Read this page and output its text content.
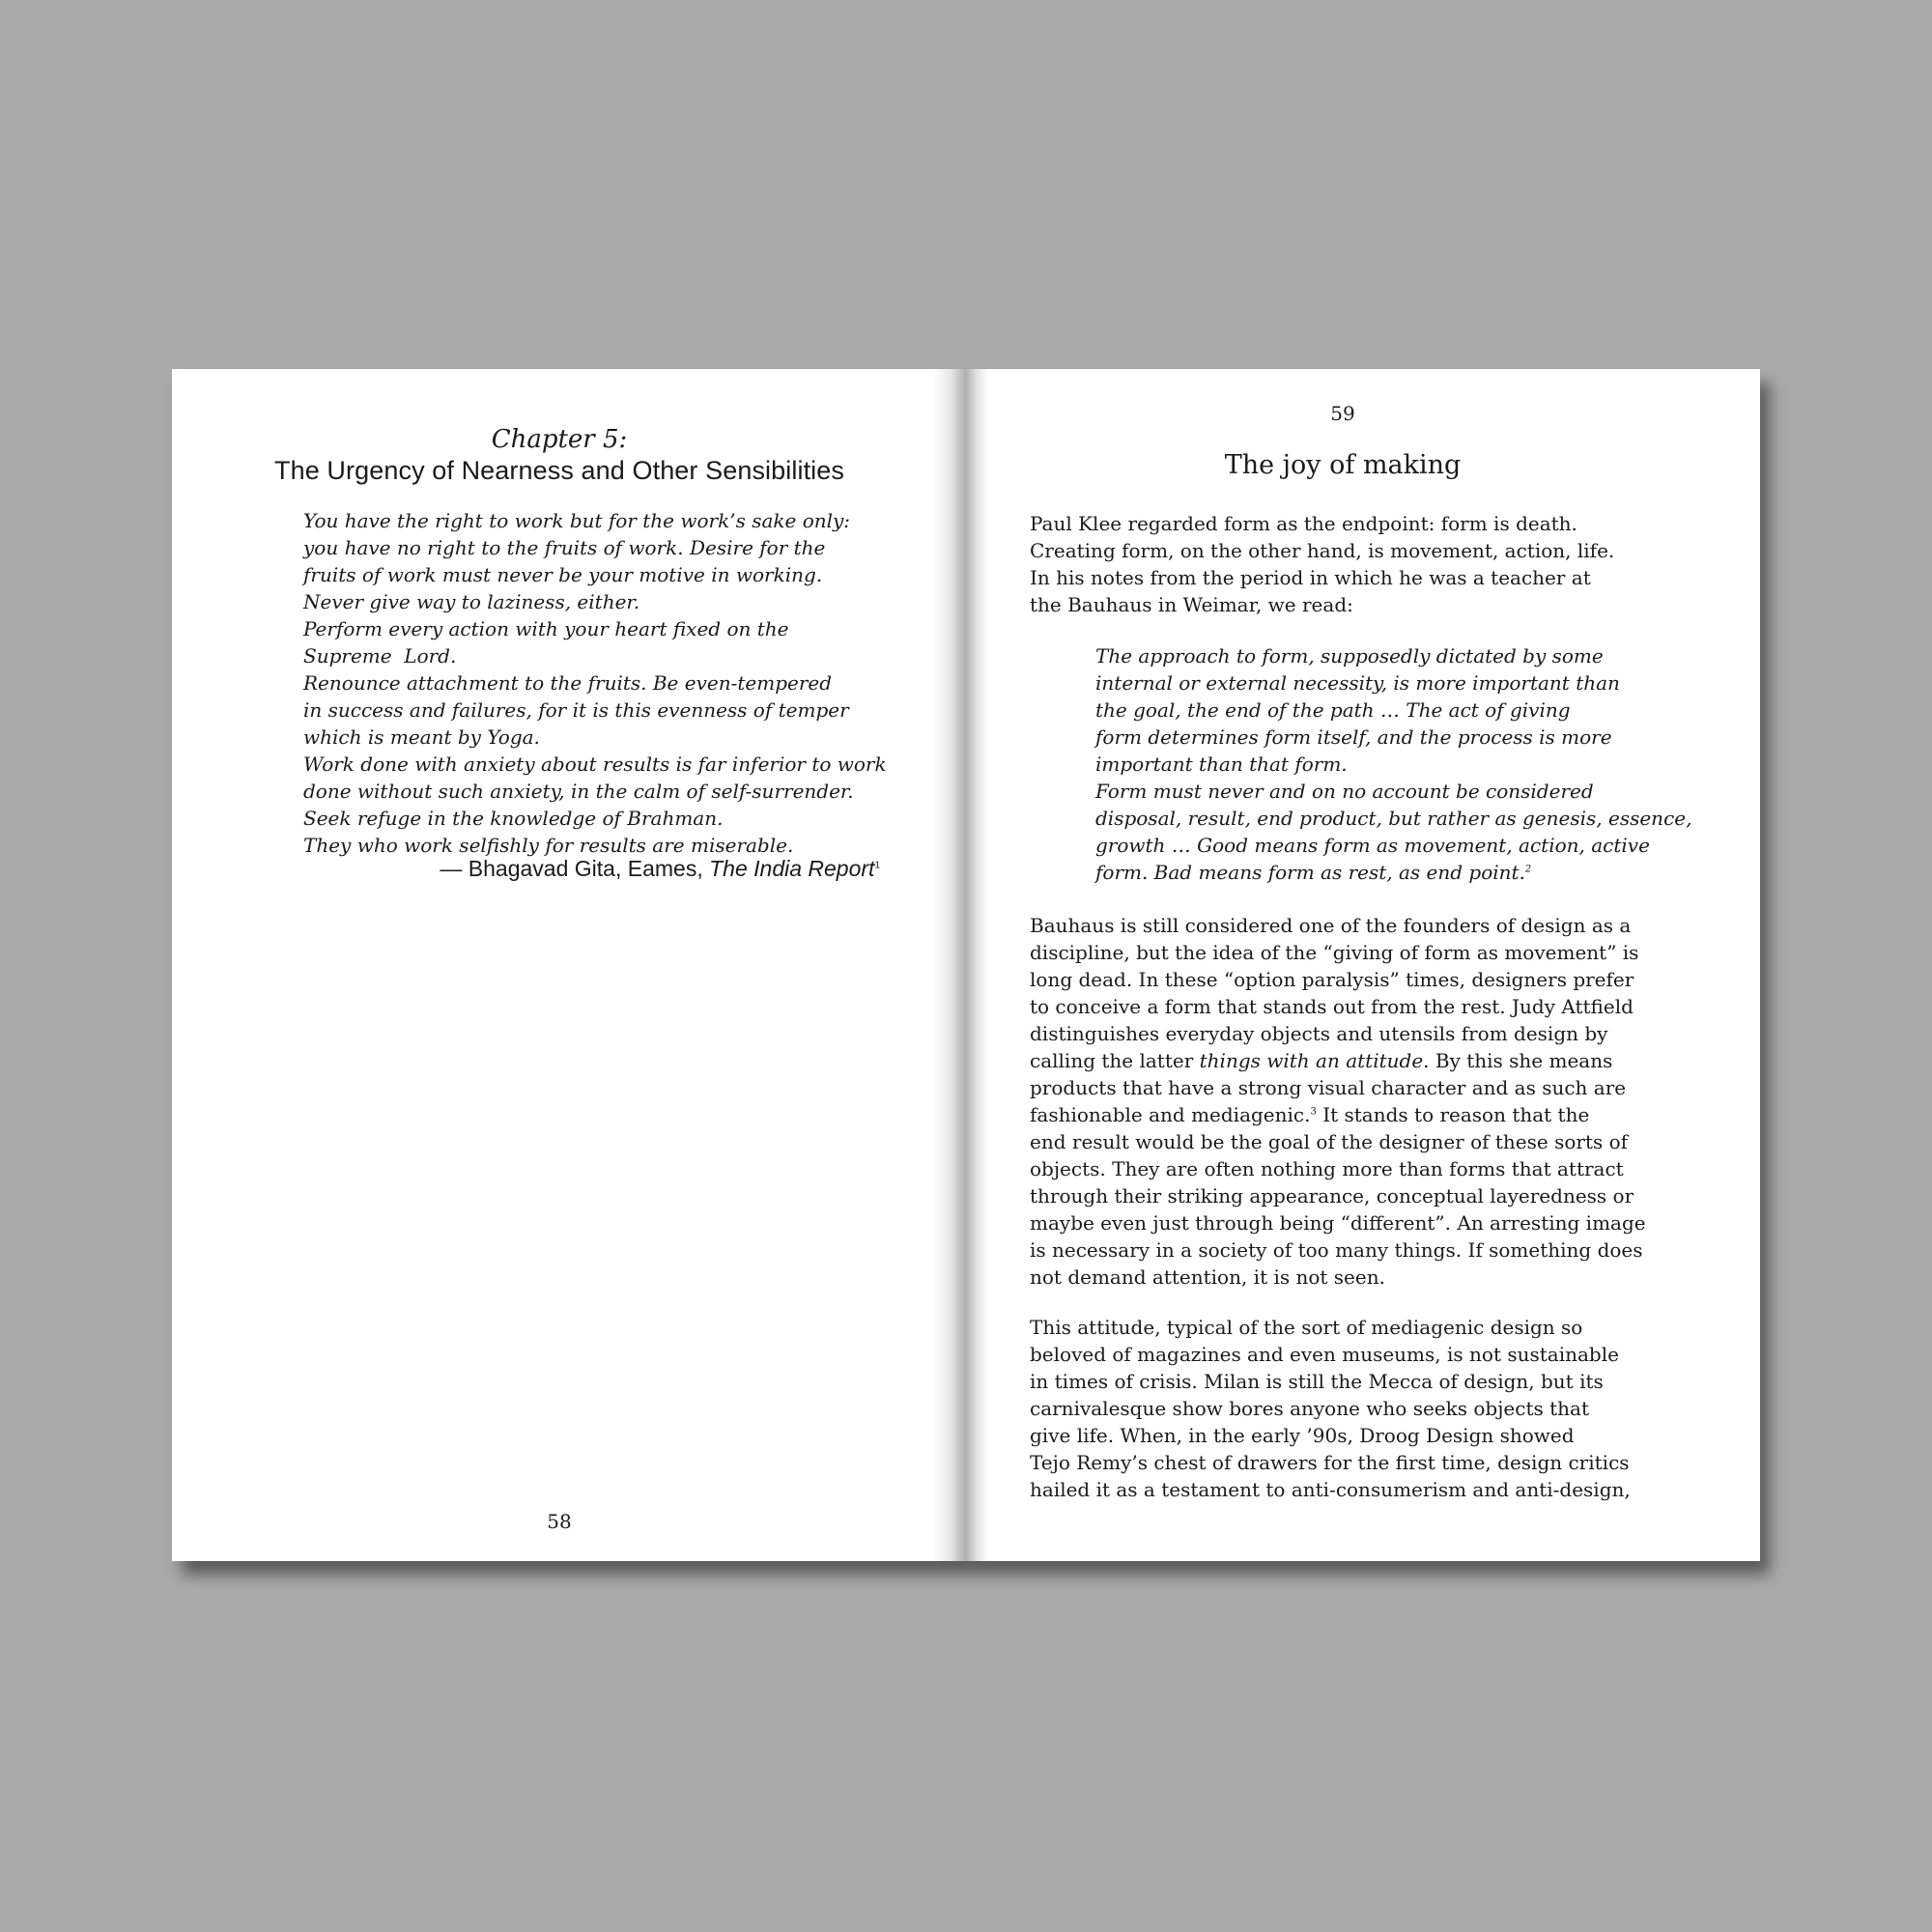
Chapter 5:
The Urgency of Nearness and Other Sensibilities
You have the right to work but for the work’s sake only:
you have no right to the fruits of work. Desire for the
fruits of work must never be your motive in working.
Never give way to laziness, either.
Perform every action with your heart fixed on the
Supreme  Lord.
Renounce attachment to the fruits. Be even-tempered
in success and failures, for it is this evenness of temper
which is meant by Yoga.
Work done with anxiety about results is far inferior to work
done without such anxiety, in the calm of self-surrender.
Seek refuge in the knowledge of Brahman.
They who work selfishly for results are miserable.
— Bhagavad Gita, Eames, The India Report$^1$
58
59
The joy of making
Paul Klee regarded form as the endpoint: form is death.
Creating form, on the other hand, is movement, action, life.
In his notes from the period in which he was a teacher at
the Bauhaus in Weimar, we read:
The approach to form, supposedly dictated by some
internal or external necessity, is more important than
the goal, the end of the path … The act of giving
form determines form itself, and the process is more
important than that form.
Form must never and on no account be considered
disposal, result, end product, but rather as genesis, essence,
growth … Good means form as movement, action, active
form. Bad means form as rest, as end point.$^2$
Bauhaus is still considered one of the founders of design as a
discipline, but the idea of the “giving of form as movement” is
long dead. In these “option paralysis” times, designers prefer
to conceive a form that stands out from the rest. Judy Attfield
distinguishes everyday objects and utensils from design by
calling the latter things with an attitude. By this she means
products that have a strong visual character and as such are
fashionable and mediagenic.$^3$ It stands to reason that the
end result would be the goal of the designer of these sorts of
objects. They are often nothing more than forms that attract
through their striking appearance, conceptual layeredness or
maybe even just through being “different”. An arresting image
is necessary in a society of too many things. If something does
not demand attention, it is not seen.
This attitude, typical of the sort of mediagenic design so
beloved of magazines and even museums, is not sustainable
in times of crisis. Milan is still the Mecca of design, but its
carnivalesque show bores anyone who seeks objects that
give life. When, in the early ’90s, Droog Design showed
Tejo Remy’s chest of drawers for the first time, design critics
hailed it as a testament to anti-consumerism and anti-design,
